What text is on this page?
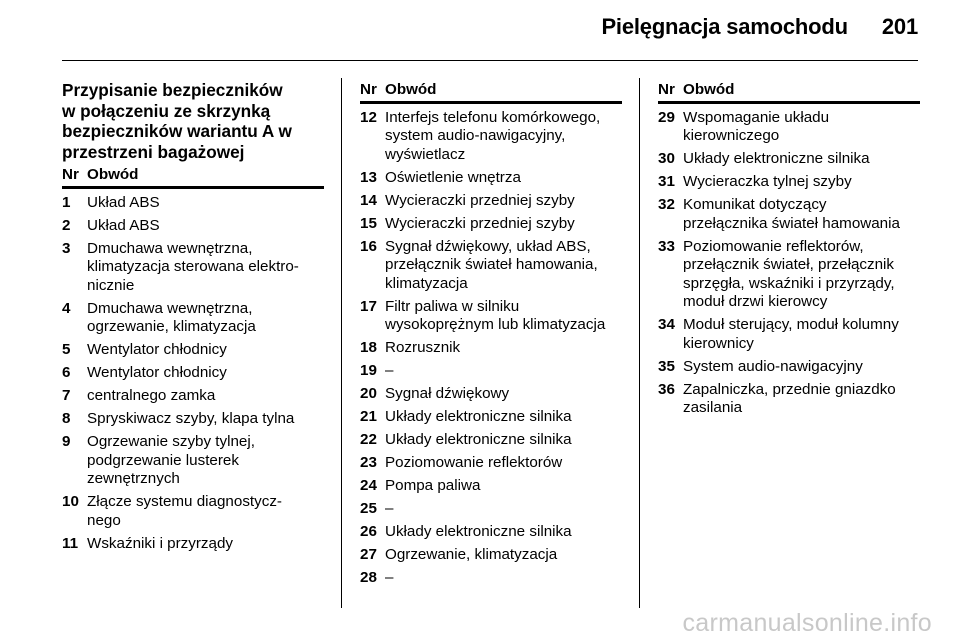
Pielęgnacja samochodu 201
Przypisanie bezpieczników
w połączeniu ze skrzynką
bezpieczników wariantu A w
przestrzeni bagażowej
Nr Obwód
1	Układ ABS
2	Układ ABS
3	Dmuchawa wewnętrzna,
klimatyzacja sterowana elektro-
nicznie
4	Dmuchawa wewnętrzna,
ogrzewanie, klimatyzacja
5	Wentylator chłodnicy
6	Wentylator chłodnicy
7	centralnego zamka
8	Spryskiwacz szyby, klapa tylna
9	Ogrzewanie szyby tylnej,
podgrzewanie lusterek
zewnętrznych
10 Złącze systemu diagnostycz-
nego
11 Wskaźniki i przyrządy
Nr Obwód
12 Interfejs telefonu komórkowego,
system audio-nawigacyjny,
wyświetlacz
13 Oświetlenie wnętrza
14 Wycieraczki przedniej szyby
15 Wycieraczki przedniej szyby
16 Sygnał dźwiękowy, układ ABS,
przełącznik świateł hamowania,
klimatyzacja
17 Filtr paliwa w silniku
wysokoprężnym lub klimatyzacja
18 Rozrusznik
19 –
20 Sygnał dźwiękowy
21 Układy elektroniczne silnika
22 Układy elektroniczne silnika
23 Poziomowanie reflektorów
24 Pompa paliwa
25 –
26 Układy elektroniczne silnika
27 Ogrzewanie, klimatyzacja
28 –
Nr Obwód
29 Wspomaganie układu
kierowniczego
30 Układy elektroniczne silnika
31 Wycieraczka tylnej szyby
32 Komunikat dotyczący
przełącznika świateł hamowania
33 Poziomowanie reflektorów,
przełącznik świateł, przełącznik
sprzęgła, wskaźniki i przyrządy,
moduł drzwi kierowcy
34 Moduł sterujący, moduł kolumny
kierownicy
35 System audio-nawigacyjny
36 Zapalniczka, przednie gniazdko
zasilania
carmanualsonline.info
